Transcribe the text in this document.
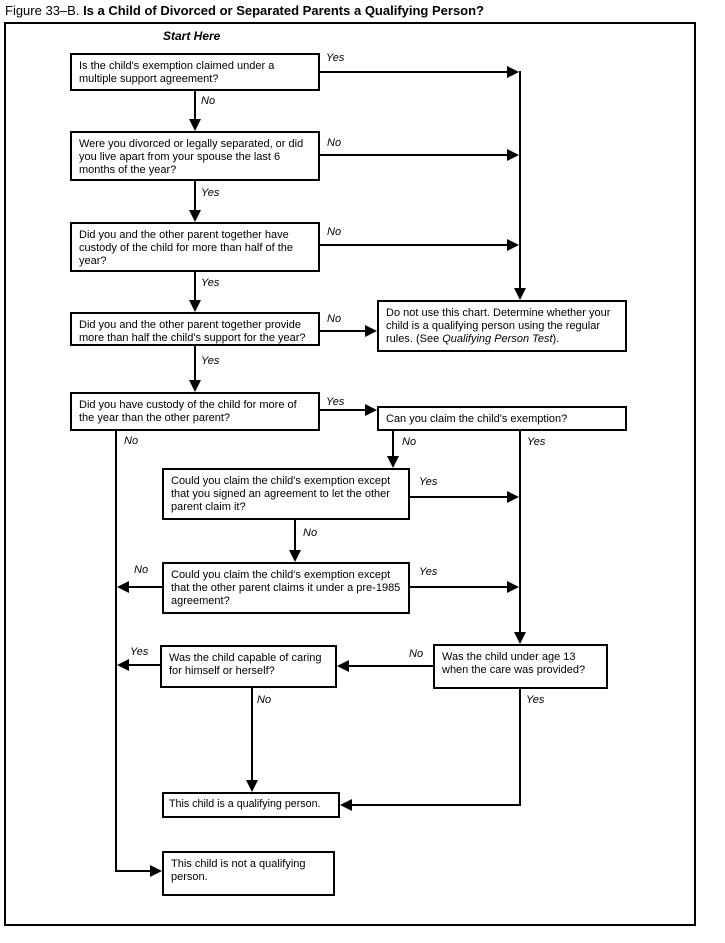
Figure 33–B. Is a Child of Divorced or Separated Parents a Qualifying Person?
Start Here
Is the child's exemption claimed under a multiple support agreement?
Were you divorced or legally separated, or did you live apart from your spouse the last 6 months of the year?
Did you and the other parent together have custody of the child for more than half of the year?
Did you and the other parent together provide more than half the child's support for the year?
Did you have custody of the child for more of the year than the other parent?
Do not use this chart. Determine whether your child is a qualifying person using the regular rules. (See Qualifying Person Test).
Can you claim the child's exemption?
Could you claim the child's exemption except that you signed an agreement to let the other parent claim it?
Could you claim the child's exemption except that the other parent claims it under a pre-1985 agreement?
Was the child capable of caring for himself or herself?
Was the child under age 13 when the care was provided?
This child is a qualifying person.
This child is not a qualifying person.
Yes
No
No
Yes
No
Yes
No
Yes
Yes
No	No	Yes
Yes
No
No	Yes
Yes
No
No
Yes
